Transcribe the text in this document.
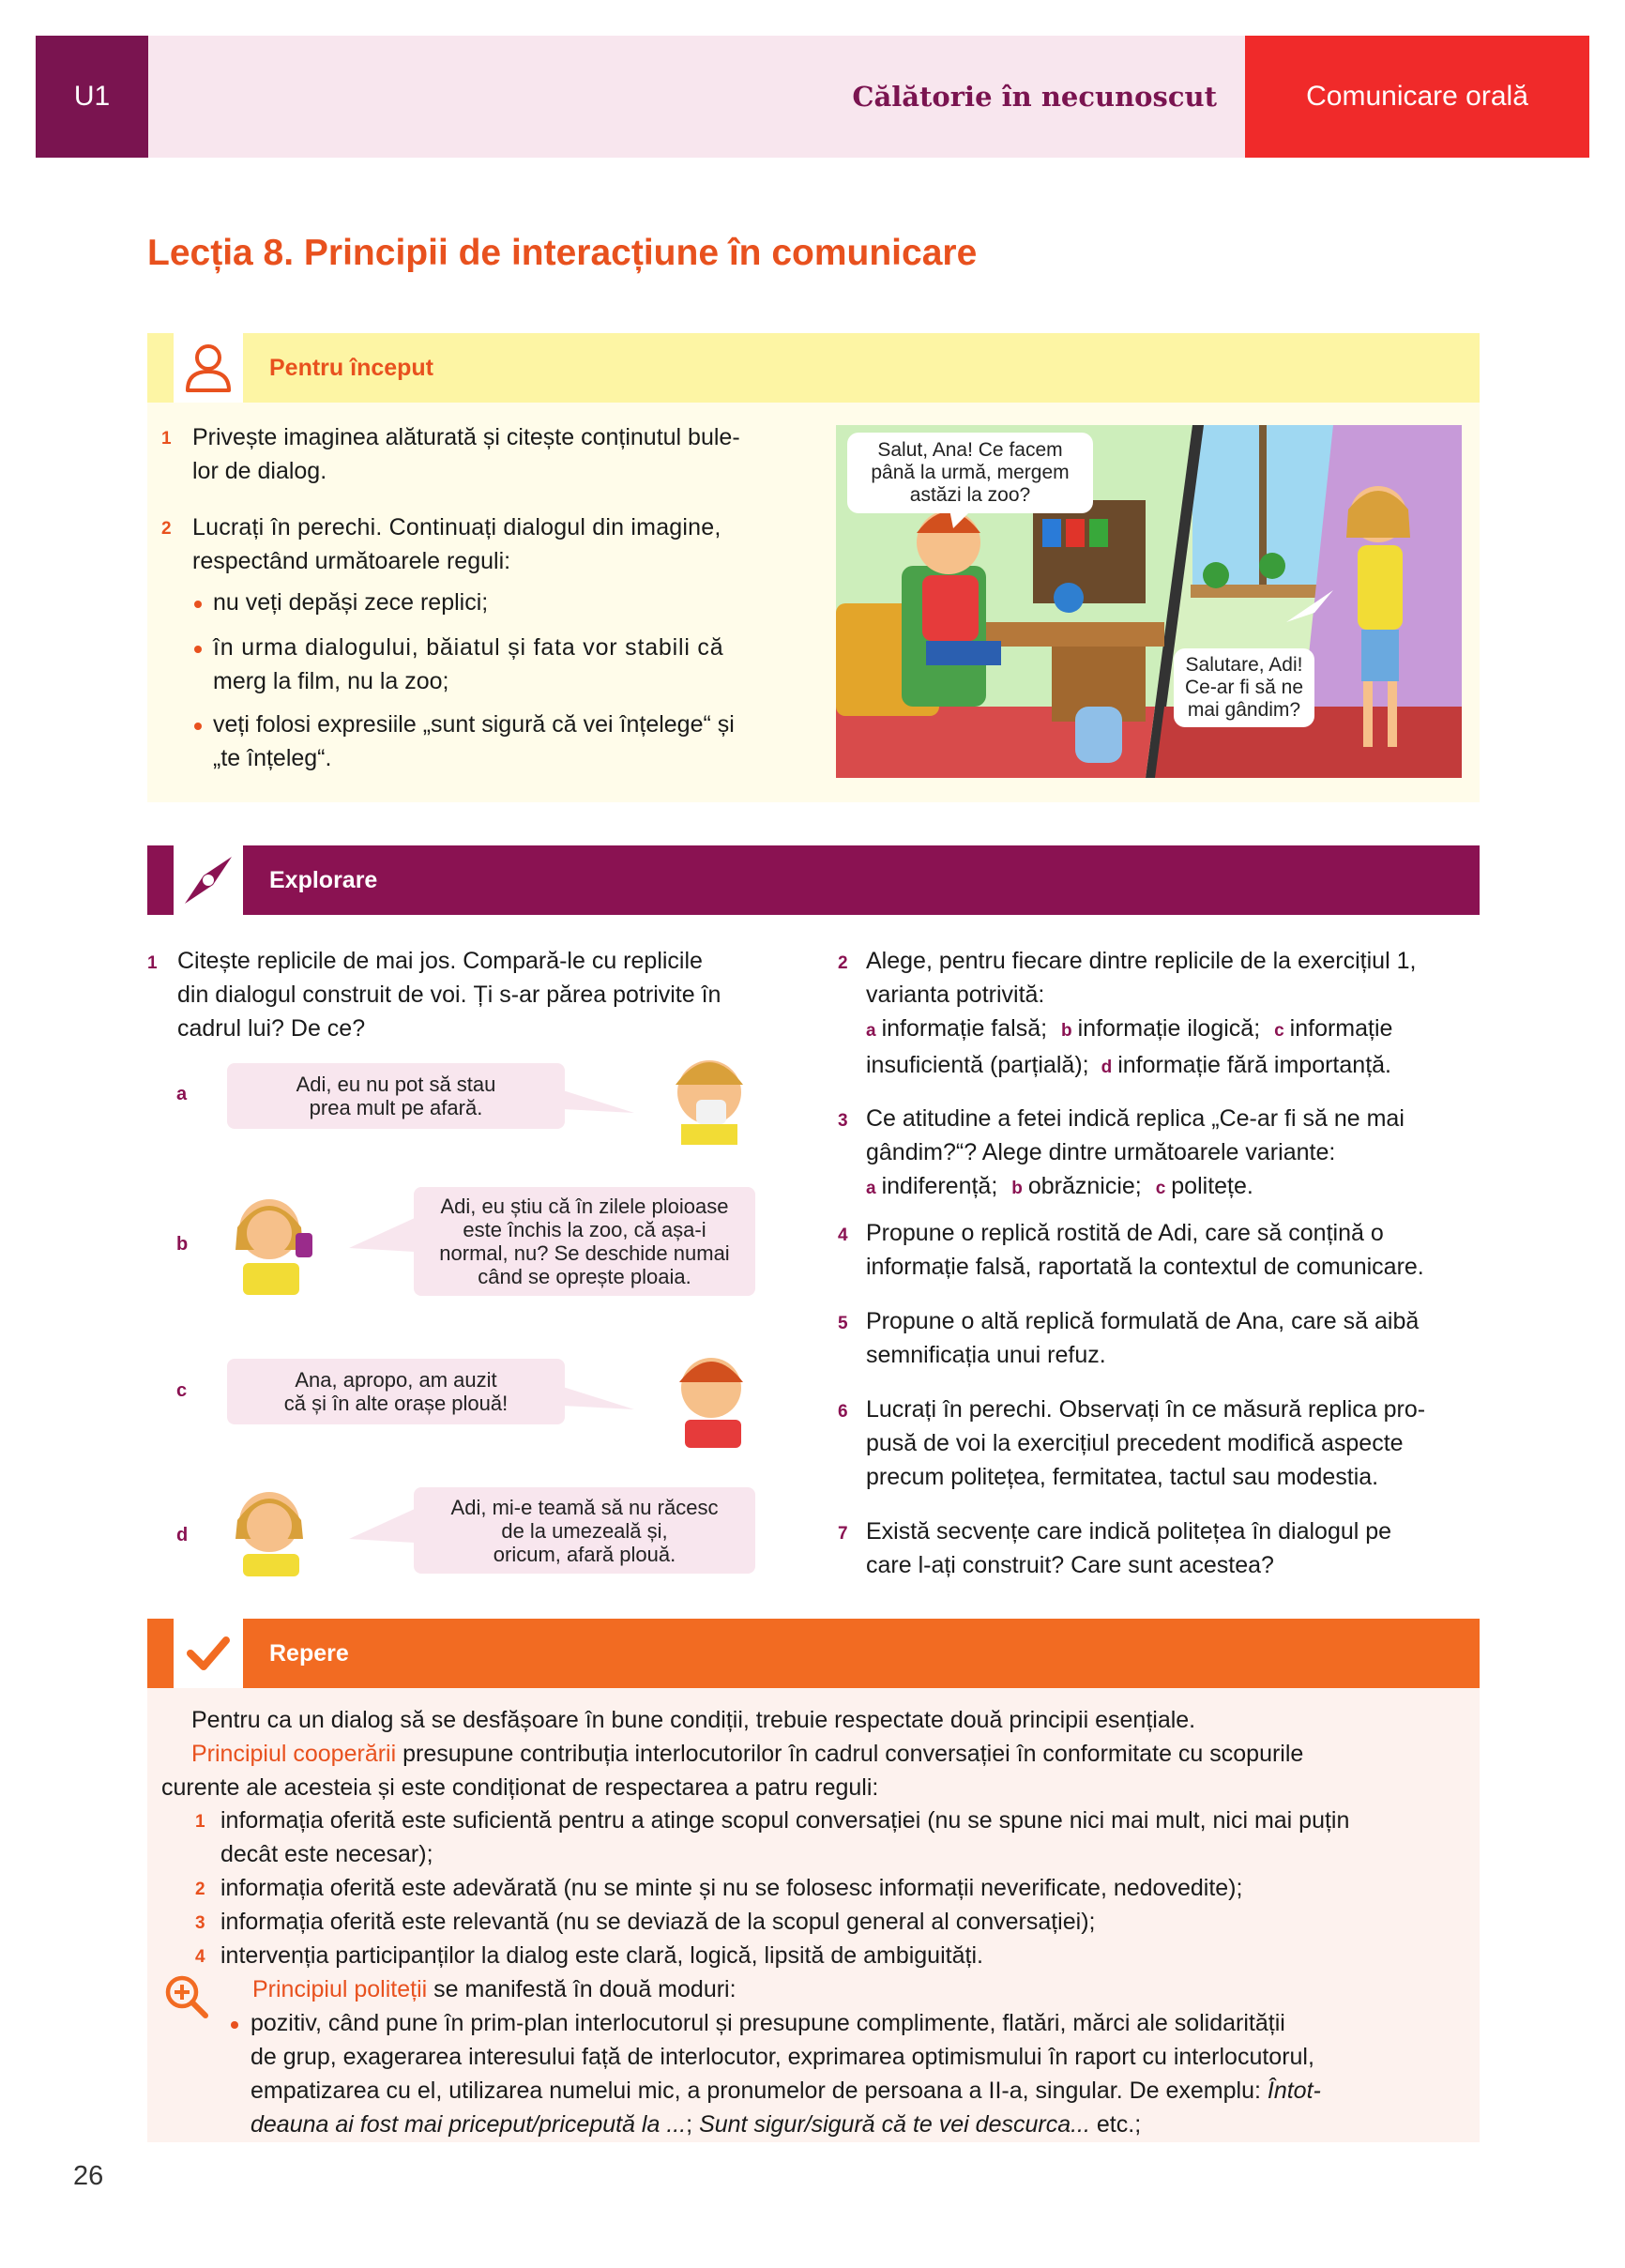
U1	Călătorie în necunoscut	Comunicare orală
Lecția 8. Principii de interacțiune în comunicare
Pentru început
1 Privește imaginea alăturată și citește conținutul bule-
lor de dialog.
2 Lucrați în perechi. Continuați dialogul din imagine,
respectând următoarele reguli:
nu veți depăși zece replici;
în urma dialogului, băiatul și fata vor stabili că
merg la film, nu la zoo;
veți folosi expresiile „sunt sigură că vei înțelege“ și
„te înțeleg“.
Salut, Ana! Ce facem
până la urmă, mergem
astăzi la zoo?
Salutare, Adi!
Ce-ar fi să ne
mai gândim?
Explorare
1 Citește replicile de mai jos. Compară-le cu replicile
din dialogul construit de voi. Ți s-ar părea potrivite în
cadrul lui? De ce?
a	Adi, eu nu pot să stau
prea mult pe afară.
b
Adi, eu știu că în zilele ploioase
este închis la zoo, că așa-i
normal, nu? Se deschide numai
când se oprește ploaia.
c	Ana, apropo, am auzit
că și în alte orașe plouă!
d
Adi, mi-e teamă să nu răcesc
de la umezeală și,
oricum, afară plouă.
2 Alege, pentru fiecare dintre replicile de la exercițiul 1,
varianta potrivită:
a informație falsă; b informație ilogică; c informație
insuficientă (parțială); d informație fără importanță.
3 Ce atitudine a fetei indică replica „Ce-ar fi să ne mai
gândim?“? Alege dintre următoarele variante:
a indiferență; b obrăznicie; c politețe.
4 Propune o replică rostită de Adi, care să conțină o
informație falsă, raportată la contextul de comunicare.
5 Propune o altă replică formulată de Ana, care să aibă
semnificația unui refuz.
6 Lucrați în perechi. Observați în ce măsură replica pro-
pusă de voi la exercițiul precedent modifică aspecte
precum politețea, fermitatea, tactul sau modestia.
7 Există secvențe care indică politețea în dialogul pe
care l-ați construit? Care sunt acestea?
Repere
Pentru ca un dialog să se desfășoare în bune condiții, trebuie respectate două principii esențiale.
Principiul cooperării presupune contribuția interlocutorilor în cadrul conversației în conformitate cu scopurile
curente ale acesteia și este condiționat de respectarea a patru reguli:
1 informația oferită este suficientă pentru a atinge scopul conversației (nu se spune nici mai mult, nici mai puțin
decât este necesar);
2 informația oferită este adevărată (nu se minte și nu se folosesc informații neverificate, nedovedite);
3 informația oferită este relevantă (nu se deviază de la scopul general al conversației);
4 intervenția participanților la dialog este clară, logică, lipsită de ambiguități.
Principiul politeții se manifestă în două moduri:
pozitiv, când pune în prim-plan interlocutorul și presupune complimente, flatări, mărci ale solidarității
de grup, exagerarea interesului față de interlocutor, exprimarea optimismului în raport cu interlocutorul,
empatizarea cu el, utilizarea numelui mic, a pronumelor de persoana a II-a, singular. De exemplu: Întot-
deauna ai fost mai priceput/pricepută la ...; Sunt sigur/sigură că te vei descurca... etc.;
26
